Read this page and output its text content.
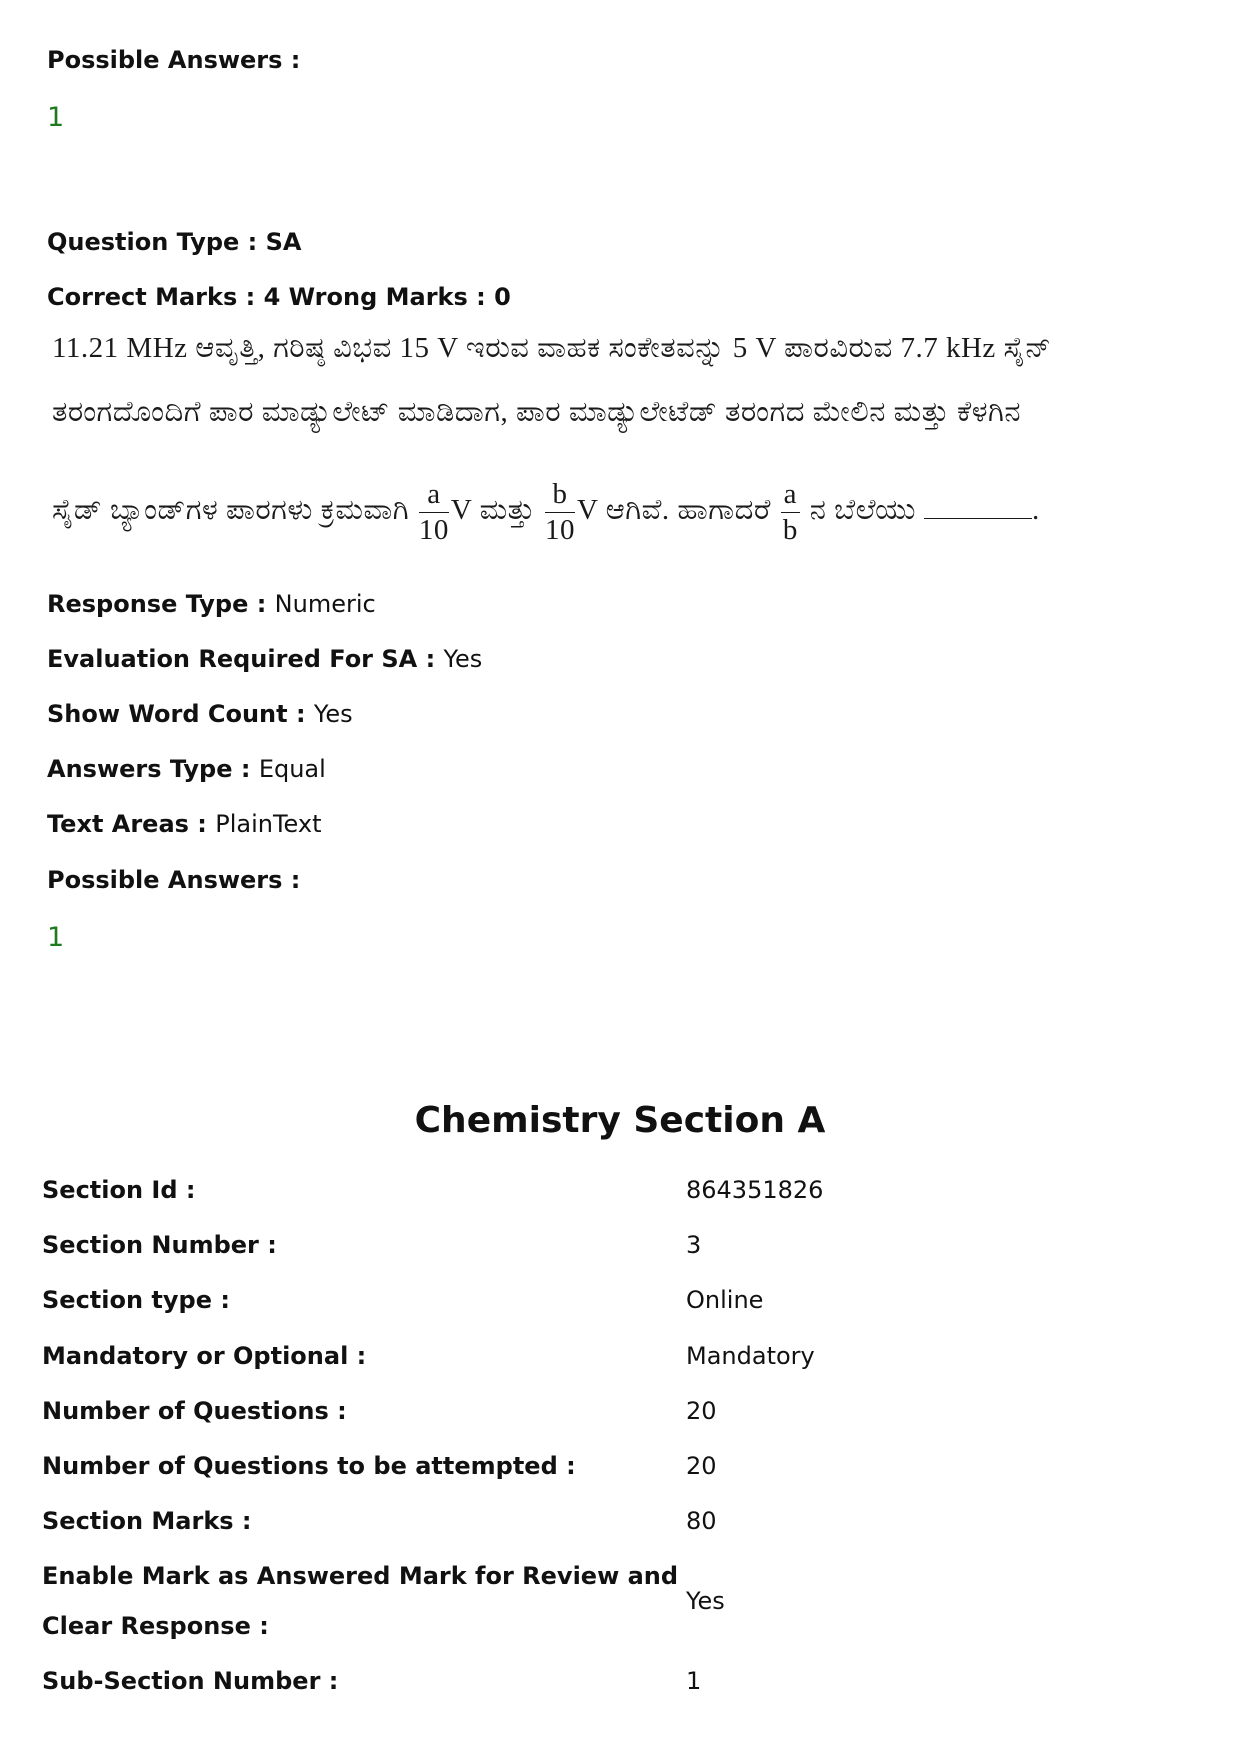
Possible Answers :
1
Question Type : SA
Correct Marks : 4 Wrong Marks : 0
11.21 MHz ಆವೃತ್ತಿ, ಗರಿಷ್ಠ ವಿಭವ 15 V ಇರುವ ವಾಹಕ ಸಂಕೇತವನ್ನು 5 V ಪಾರವಿರುವ 7.7 kHz ಸೈನ್
ತರಂಗದೊಂದಿಗೆ ಪಾರ ಮಾಡ್ಯುಲೇಟ್ ಮಾಡಿದಾಗ, ಪಾರ ಮಾಡ್ಯುಲೇಟೆಡ್ ತರಂಗದ ಮೇಲಿನ ಮತ್ತು ಕೆಳಗಿನ
ಸೈಡ್ ಬ್ಯಾಂಡ್‌ಗಳ ಪಾರಗಳು ಕ್ರಮವಾಗಿ $\frac{a}{10}$ V ಮತ್ತು $\frac{b}{10}$ V ಆಗಿವೆ. ಹಾಗಾದರೆ $\frac{a}{b}$ ನ ಬೆಲೆಯು	.
Response Type : Numeric
Evaluation Required For SA : Yes
Show Word Count : Yes
Answers Type : Equal
Text Areas : PlainText
Possible Answers :
1
Chemistry Section A
Section Id :	864351826
Section Number :	3
Section type :	Online
Mandatory or Optional :	Mandatory
Number of Questions :	20
Number of Questions to be attempted :	20
Section Marks :	80
Enable Mark as Answered Mark for Review and
Clear Response :
Yes
Sub-Section Number :	1
